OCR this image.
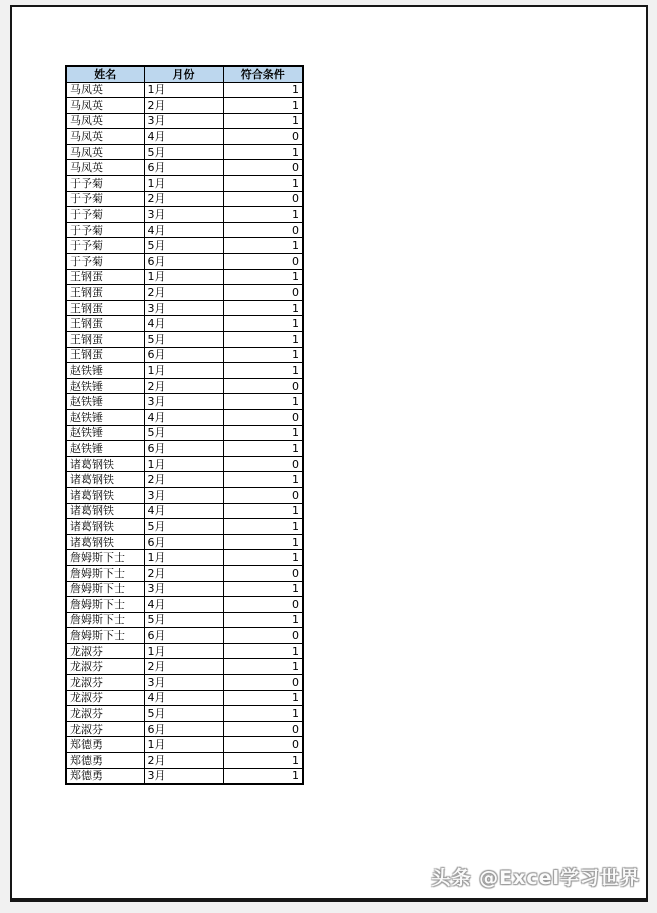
姓名	月份	符合条件
马凤英	1月	1
马凤英	2月	1
马凤英	3月	1
马凤英	4月	0
马凤英	5月	1
马凤英	6月	0
于予菊	1月	1
于予菊	2月	0
于予菊	3月	1
于予菊	4月	0
于予菊	5月	1
于予菊	6月	0
王钢蛋	1月	1
王钢蛋	2月	0
王钢蛋	3月	1
王钢蛋	4月	1
王钢蛋	5月	1
王钢蛋	6月	1
赵铁锤	1月	1
赵铁锤	2月	0
赵铁锤	3月	1
赵铁锤	4月	0
赵铁锤	5月	1
赵铁锤	6月	1
诸葛钢铁	1月	0
诸葛钢铁	2月	1
诸葛钢铁	3月	0
诸葛钢铁	4月	1
诸葛钢铁	5月	1
诸葛钢铁	6月	1
詹姆斯下士	1月	1
詹姆斯下士	2月	0
詹姆斯下士	3月	1
詹姆斯下士	4月	0
詹姆斯下士	5月	1
詹姆斯下士	6月	0
龙淑芬	1月	1
龙淑芬	2月	1
龙淑芬	3月	0
龙淑芬	4月	1
龙淑芬	5月	1
龙淑芬	6月	0
郑德勇	1月	0
郑德勇	2月	1
郑德勇	3月	1
头条 @Excel学习世界
